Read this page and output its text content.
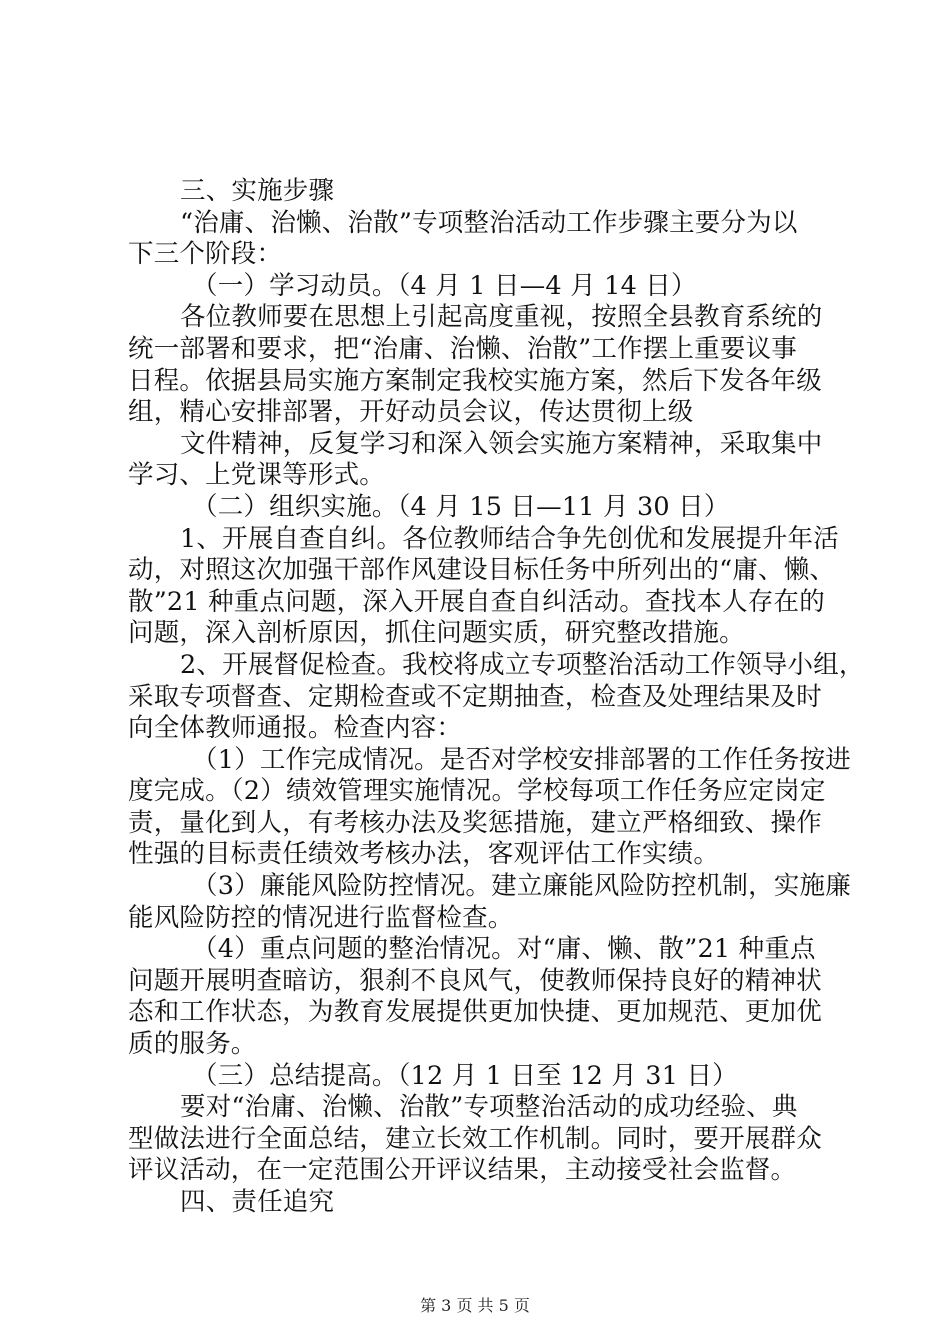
三、实施步骤

“治庸、治懒、治散”专项整治活动工作步骤主要分为以
下三个阶段：

（一）学习动员。（4 月 1 日—4 月 14 日）

各位教师要在思想上引起高度重视，按照全县教育系统的
统一部署和要求，把“治庸、治懒、治散”工作摆上重要议事
日程。依据县局实施方案制定我校实施方案，然后下发各年级
组，精心安排部署，开好动员会议，传达贯彻上级

文件精神，反复学习和深入领会实施方案精神，采取集中
学习、上党课等形式。

（二）组织实施。（4 月 15 日—11 月 30 日）

1、开展自查自纠。各位教师结合争先创优和发展提升年活
动，对照这次加强干部作风建设目标任务中所列出的“庸、懒、
散”21 种重点问题，深入开展自查自纠活动。查找本人存在的
问题，深入剖析原因，抓住问题实质，研究整改措施。

2、开展督促检查。我校将成立专项整治活动工作领导小组，
采取专项督查、定期检查或不定期抽查，检查及处理结果及时
向全体教师通报。检查内容：

（1）工作完成情况。是否对学校安排部署的工作任务按进
度完成。（2）绩效管理实施情况。学校每项工作任务应定岗定
责，量化到人，有考核办法及奖惩措施，建立严格细致、操作
性强的目标责任绩效考核办法，客观评估工作实绩。

（3）廉能风险防控情况。建立廉能风险防控机制，实施廉
能风险防控的情况进行监督检查。

（4）重点问题的整治情况。对“庸、懒、散”21 种重点
问题开展明查暗访，狠刹不良风气，使教师保持良好的精神状
态和工作状态，为教育发展提供更加快捷、更加规范、更加优
质的服务。

（三）总结提高。（12 月 1 日至 12 月 31 日）

要对“治庸、治懒、治散”专项整治活动的成功经验、典
型做法进行全面总结，建立长效工作机制。同时，要开展群众
评议活动，在一定范围公开评议结果，主动接受社会监督。

四、责任追究

第 3 页 共 5 页
